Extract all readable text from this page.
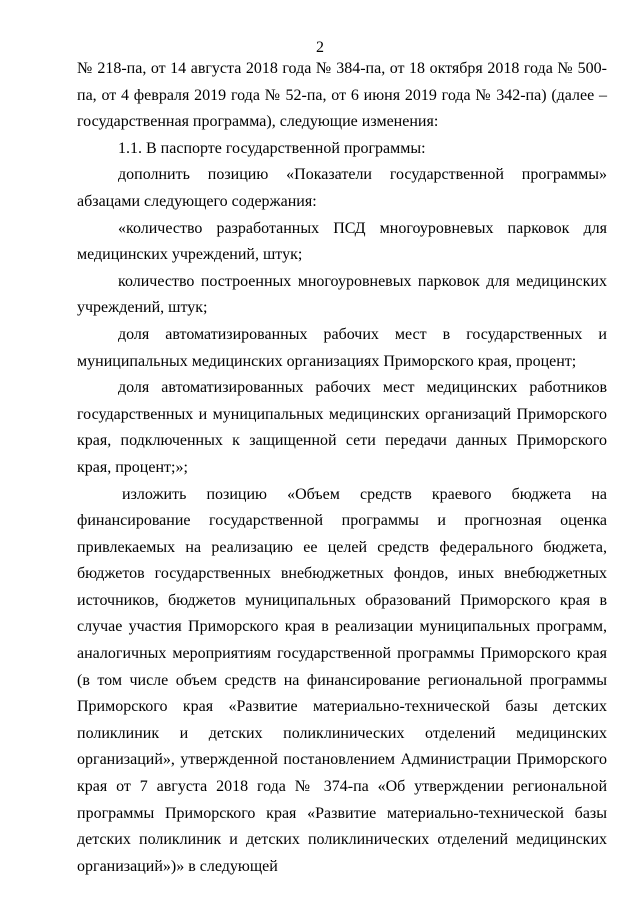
2

№ 218-па, от 14 августа 2018 года № 384-па, от 18 октября 2018 года № 500-па, от 4 февраля 2019 года № 52-па, от 6 июня 2019 года № 342-па) (далее – государственная программа), следующие изменения:

1.1. В паспорте государственной программы:

дополнить позицию «Показатели государственной программы» абзацами следующего содержания:

«количество разработанных ПСД многоуровневых парковок для медицинских учреждений, штук;

количество построенных многоуровневых парковок для медицинских учреждений, штук;

доля автоматизированных рабочих мест в государственных и муниципальных медицинских организациях Приморского края, процент;

доля автоматизированных рабочих мест медицинских работников государственных и муниципальных медицинских организаций Приморского края, подключенных к защищенной сети передачи данных Приморского края, процент;»;

изложить позицию «Объем средств краевого бюджета на финансирование государственной программы и прогнозная оценка привлекаемых на реализацию ее целей средств федерального бюджета, бюджетов государственных внебюджетных фондов, иных внебюджетных источников, бюджетов муниципальных образований Приморского края в случае участия Приморского края в реализации муниципальных программ, аналогичных мероприятиям государственной программы Приморского края (в том числе объем средств на финансирование региональной программы Приморского края «Развитие материально-технической базы детских поликлиник и детских поликлинических отделений медицинских организаций», утвержденной постановлением Администрации Приморского края от 7 августа 2018 года № 374-па «Об утверждении региональной программы Приморского края «Развитие материально-технической базы детских поликлиник и детских поликлинических отделений медицинских организаций»)» в следующей
